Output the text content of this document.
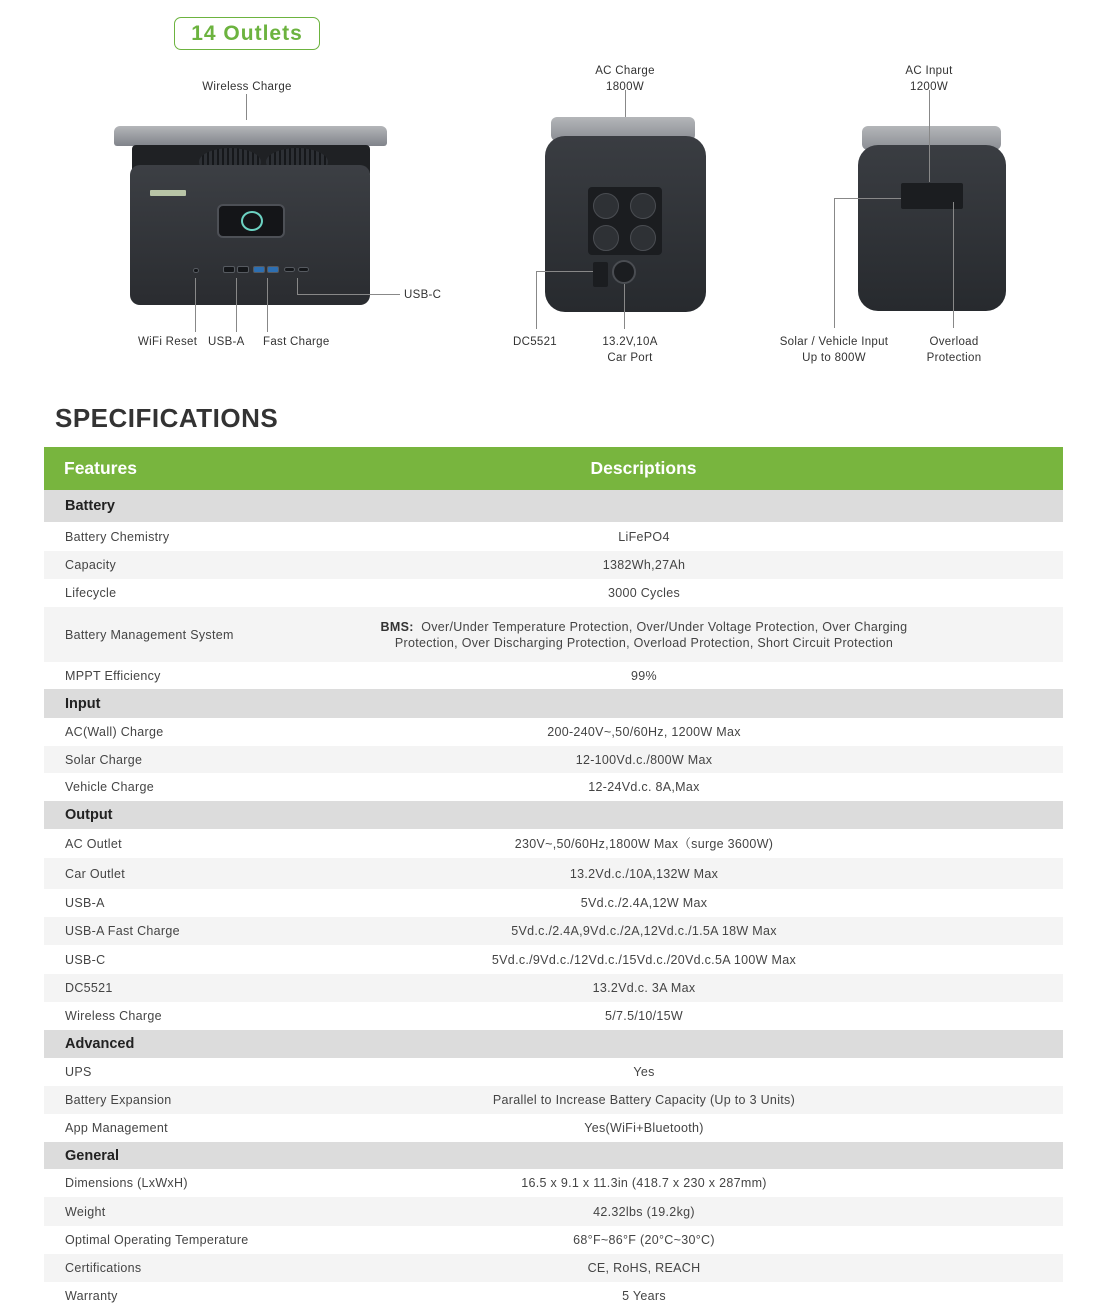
14 Outlets
Wireless Charge
USB-C
WiFi Reset USB-A Fast Charge
AC Charge
1800W
DC5521	13.2V,10A
Car Port
AC Input
1200W
Solar / Vehicle Input
Up to 800W
Overload
Protection
SPECIFICATIONS
Features	Descriptions
Battery
Battery Chemistry	LiFePO4
Capacity	1382Wh,27Ah
Lifecycle	3000 Cycles
Battery Management System
BMS: Over/Under Temperature Protection, Over/Under Voltage Protection, Over Charging
Protection, Over Discharging Protection, Overload Protection, Short Circuit Protection
MPPT Efficiency	99%
Input
AC(Wall) Charge	200-240V~,50/60Hz, 1200W Max
Solar Charge	12-100Vd.c./800W Max
Vehicle Charge	12-24Vd.c. 8A,Max
Output
AC Outlet	230V~,50/60Hz,1800W Max（surge 3600W)
Car Outlet	13.2Vd.c./10A,132W Max
USB-A	5Vd.c./2.4A,12W Max
USB-A Fast Charge	5Vd.c./2.4A,9Vd.c./2A,12Vd.c./1.5A 18W Max
USB-C	5Vd.c./9Vd.c./12Vd.c./15Vd.c./20Vd.c.5A 100W Max
DC5521	13.2Vd.c. 3A Max
Wireless Charge	5/7.5/10/15W
Advanced
UPS	Yes
Battery Expansion	Parallel to Increase Battery Capacity (Up to 3 Units)
App Management	Yes(WiFi+Bluetooth)
General
Dimensions (LxWxH)	16.5 x 9.1 x 11.3in (418.7 x 230 x 287mm)
Weight	42.32lbs (19.2kg)
Optimal Operating Temperature	68°F~86°F (20°C~30°C)
Certifications	CE, RoHS, REACH
Warranty	5 Years
